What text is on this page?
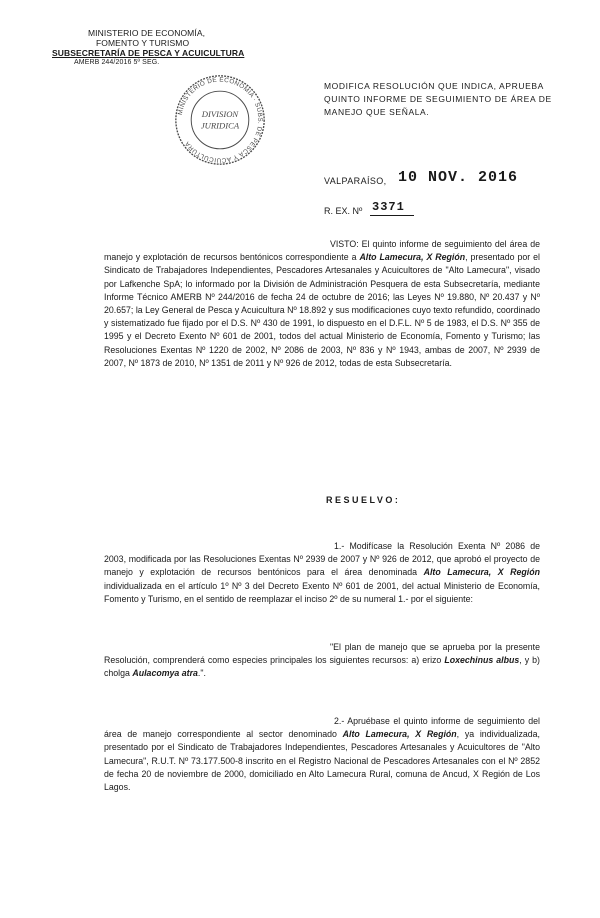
MINISTERIO DE ECONOMÍA,
FOMENTO Y TURISMO
SUBSECRETARÍA DE PESCA Y ACUICULTURA
AMERB 244/2016 5º SEG.
MINISTERIO DE ECONOMIA · SUBS. DE PESCA Y ACUICULTURA
DIVISION
JURIDICA
MODIFICA RESOLUCIÓN QUE INDICA, APRUEBA
QUINTO INFORME DE SEGUIMIENTO DE ÁREA DE
MANEJO QUE SEÑALA.
VALPARAÍSO, 10 NOV. 2016
R. EX. Nº 3371
VISTO: El quinto informe de seguimiento del área de manejo y explotación de recursos bentónicos correspondiente a Alto Lamecura, X Región, presentado por el Sindicato de Trabajadores Independientes, Pescadores Artesanales y Acuicultores de "Alto Lamecura", visado por Lafkenche SpA; lo informado por la División de Administración Pesquera de esta Subsecretaría, mediante Informe Técnico AMERB Nº 244/2016 de fecha 24 de octubre de 2016; las Leyes Nº 19.880, Nº 20.437 y Nº 20.657; la Ley General de Pesca y Acuicultura Nº 18.892 y sus modificaciones cuyo texto refundido, coordinado y sistematizado fue fijado por el D.S. Nº 430 de 1991, lo dispuesto en el D.F.L. Nº 5 de 1983, el D.S. Nº 355 de 1995 y el Decreto Exento Nº 601 de 2001, todos del actual Ministerio de Economía, Fomento y Turismo; las Resoluciones Exentas Nº 1220 de 2002, Nº 2086 de 2003, Nº 836 y Nº 1943, ambas de 2007, Nº 2939 de 2007, Nº 1873 de 2010, Nº 1351 de 2011 y Nº 926 de 2012, todas de esta Subsecretaría.
RESUELVO:
1.- Modifícase la Resolución Exenta Nº 2086 de 2003, modificada por las Resoluciones Exentas Nº 2939 de 2007 y Nº 926 de 2012, que aprobó el proyecto de manejo y explotación de recursos bentónicos para el área denominada Alto Lamecura, X Región individualizada en el artículo 1º Nº 3 del Decreto Exento Nº 601 de 2001, del actual Ministerio de Economía, Fomento y Turismo, en el sentido de reemplazar el inciso 2º de su numeral 1.- por el siguiente:
"El plan de manejo que se aprueba por la presente Resolución, comprenderá como especies principales los siguientes recursos: a) erizo Loxechinus albus, y b) cholga Aulacomya atra.".
2.- Apruébase el quinto informe de seguimiento del área de manejo correspondiente al sector denominado Alto Lamecura, X Región, ya individualizada, presentado por el Sindicato de Trabajadores Independientes, Pescadores Artesanales y Acuicultores de "Alto Lamecura", R.U.T. Nº 73.177.500-8 inscrito en el Registro Nacional de Pescadores Artesanales con el Nº 2852 de fecha 20 de noviembre de 2000, domiciliado en Alto Lamecura Rural, comuna de Ancud, X Región de Los Lagos.
